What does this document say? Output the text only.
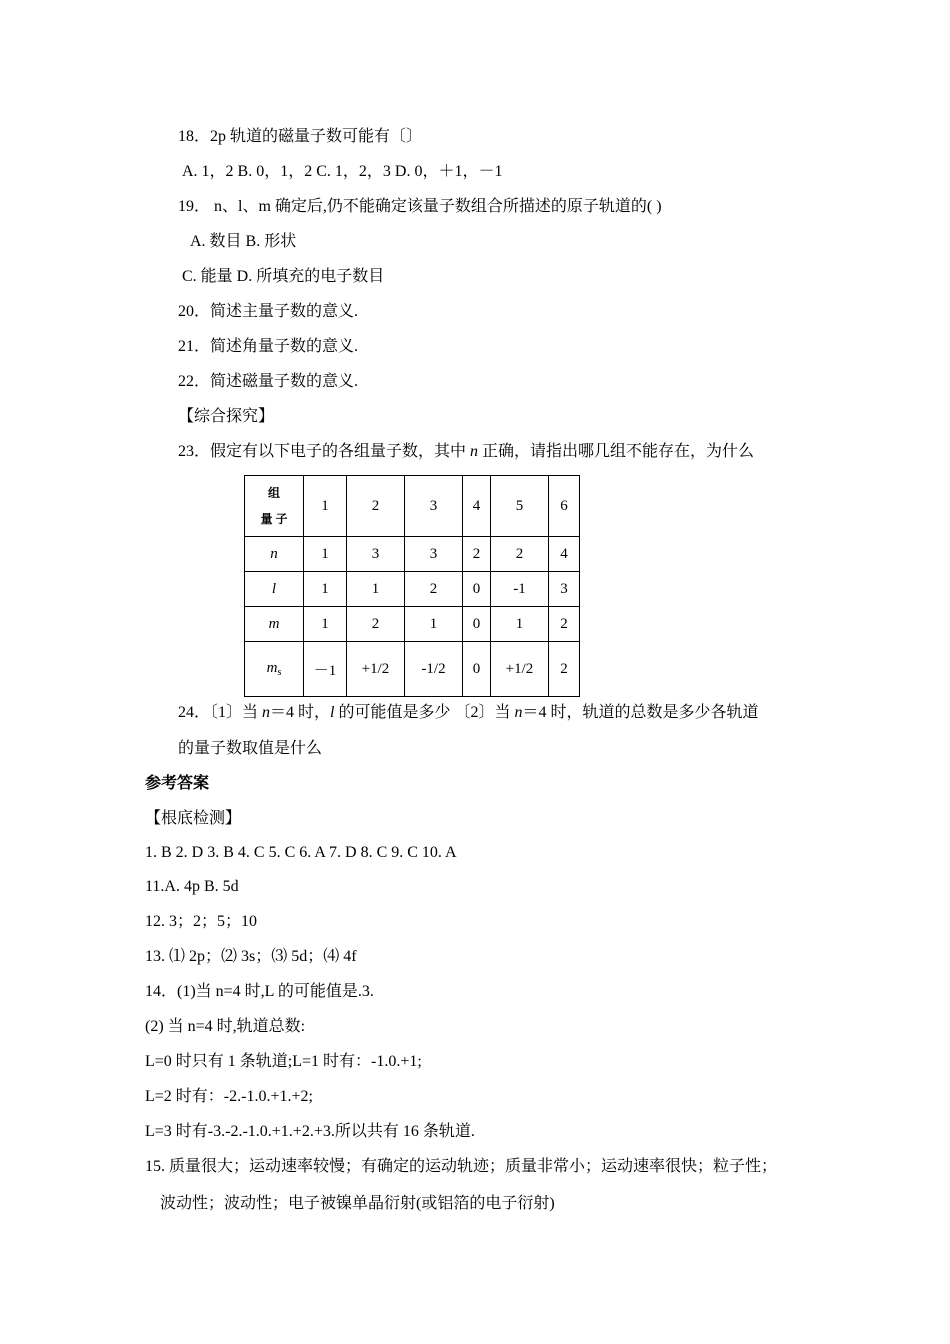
18．2p 轨道的磁量子数可能有〔〕
A. 1，2 B. 0，1，2 C. 1，2，3 D. 0，＋1，－1
19． n、l、m 确定后,仍不能确定该量子数组合所描述的原子轨道的( )
A. 数目 B. 形状
C. 能量 D. 所填充的电子数目
20．简述主量子数的意义.
21．简述角量子数的意义.
22．简述磁量子数的意义.
【综合探究】
23．假定有以下电子的各组量子数，其中 n 正确，请指出哪几组不能存在，为什么
组
量 子	1	2	3	4	5	6
n	1	3	3	2	2	4
l	1	1	2	0	-1	3
m	1	2	1	0	1	2
$m_s$	－1	+1/2	-1/2	0	+1/2	2
24．〔1〕当 n＝4 时，l 的可能值是多少 〔2〕当 n＝4 时，轨道的总数是多少各轨道
的量子数取值是什么
参考答案
【根底检测】
1. B 2. D 3. B 4. C 5. C 6. A 7. D 8. C 9. C 10. A
11.A. 4p B. 5d
12. 3；2；5；10
13. ⑴ 2p；⑵ 3s；⑶ 5d；⑷ 4f
14．(1)当 n=4 时,L 的可能值是.3.
(2) 当 n=4 时,轨道总数:
L=0 时只有 1 条轨道;L=1 时有：-1.0.+1;
L=2 时有：-2.-1.0.+1.+2;
L=3 时有-3.-2.-1.0.+1.+2.+3.所以共有 16 条轨道.
15. 质量很大；运动速率较慢；有确定的运动轨迹；质量非常小；运动速率很快；粒子性；
波动性；波动性；电子被镍单晶衍射(或铝箔的电子衍射)
